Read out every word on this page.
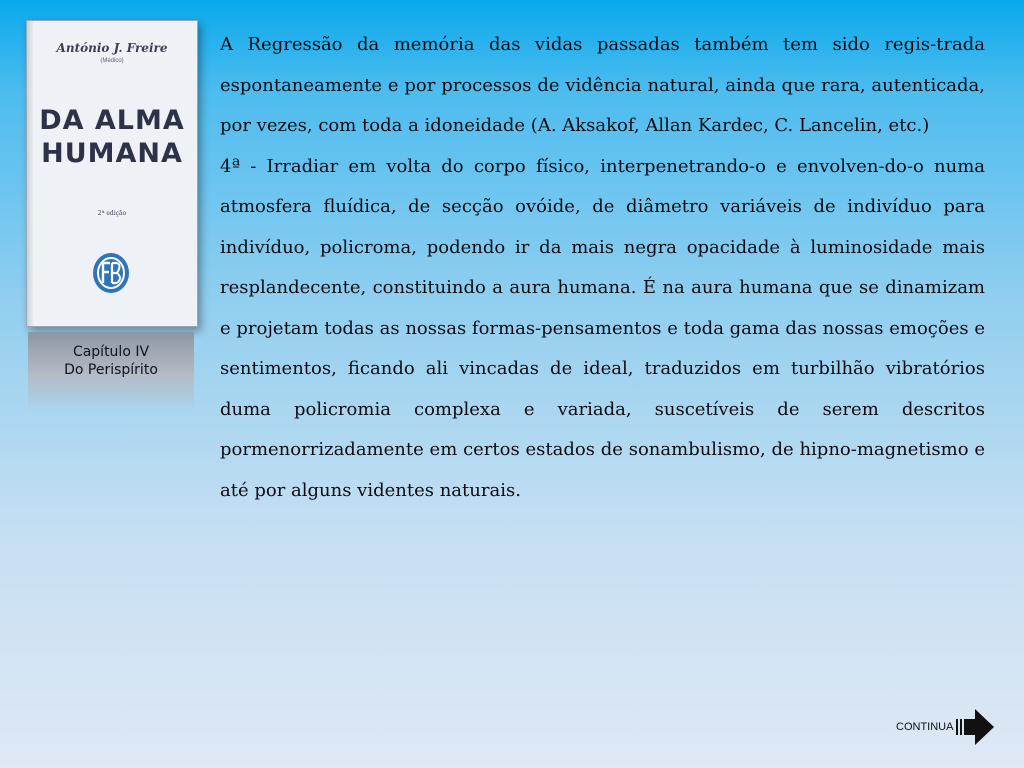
António J. Freire
(Médico)
DA ALMA
HUMANA
2ª edição
Capítulo IV
Do Perispírito

A Regressão da memória das vidas passadas também tem sido regis-trada espontaneamente e por processos de vidência natural, ainda que rara, autenticada, por vezes, com toda a idoneidade (A. Aksakof, Allan Kardec, C. Lancelin, etc.)

4ª - Irradiar em volta do corpo físico, interpenetrando-o e envolven-do-o numa atmosfera fluídica, de secção ovóide, de diâmetro variáveis de indivíduo para indivíduo, policroma, podendo ir da mais negra opacidade à luminosidade mais resplandecente, constituindo a aura humana. É na aura humana que se dinamizam e projetam todas as nossas formas-pensamentos e toda gama das nossas emoções e sentimentos, ficando ali vincadas de ideal, traduzidos em turbilhão vibratórios duma policromia complexa e variada, suscetíveis de serem descritos pormenorrizadamente em certos estados de sonambulismo, de hipno-magnetismo e até por alguns videntes naturais.

CONTINUA
